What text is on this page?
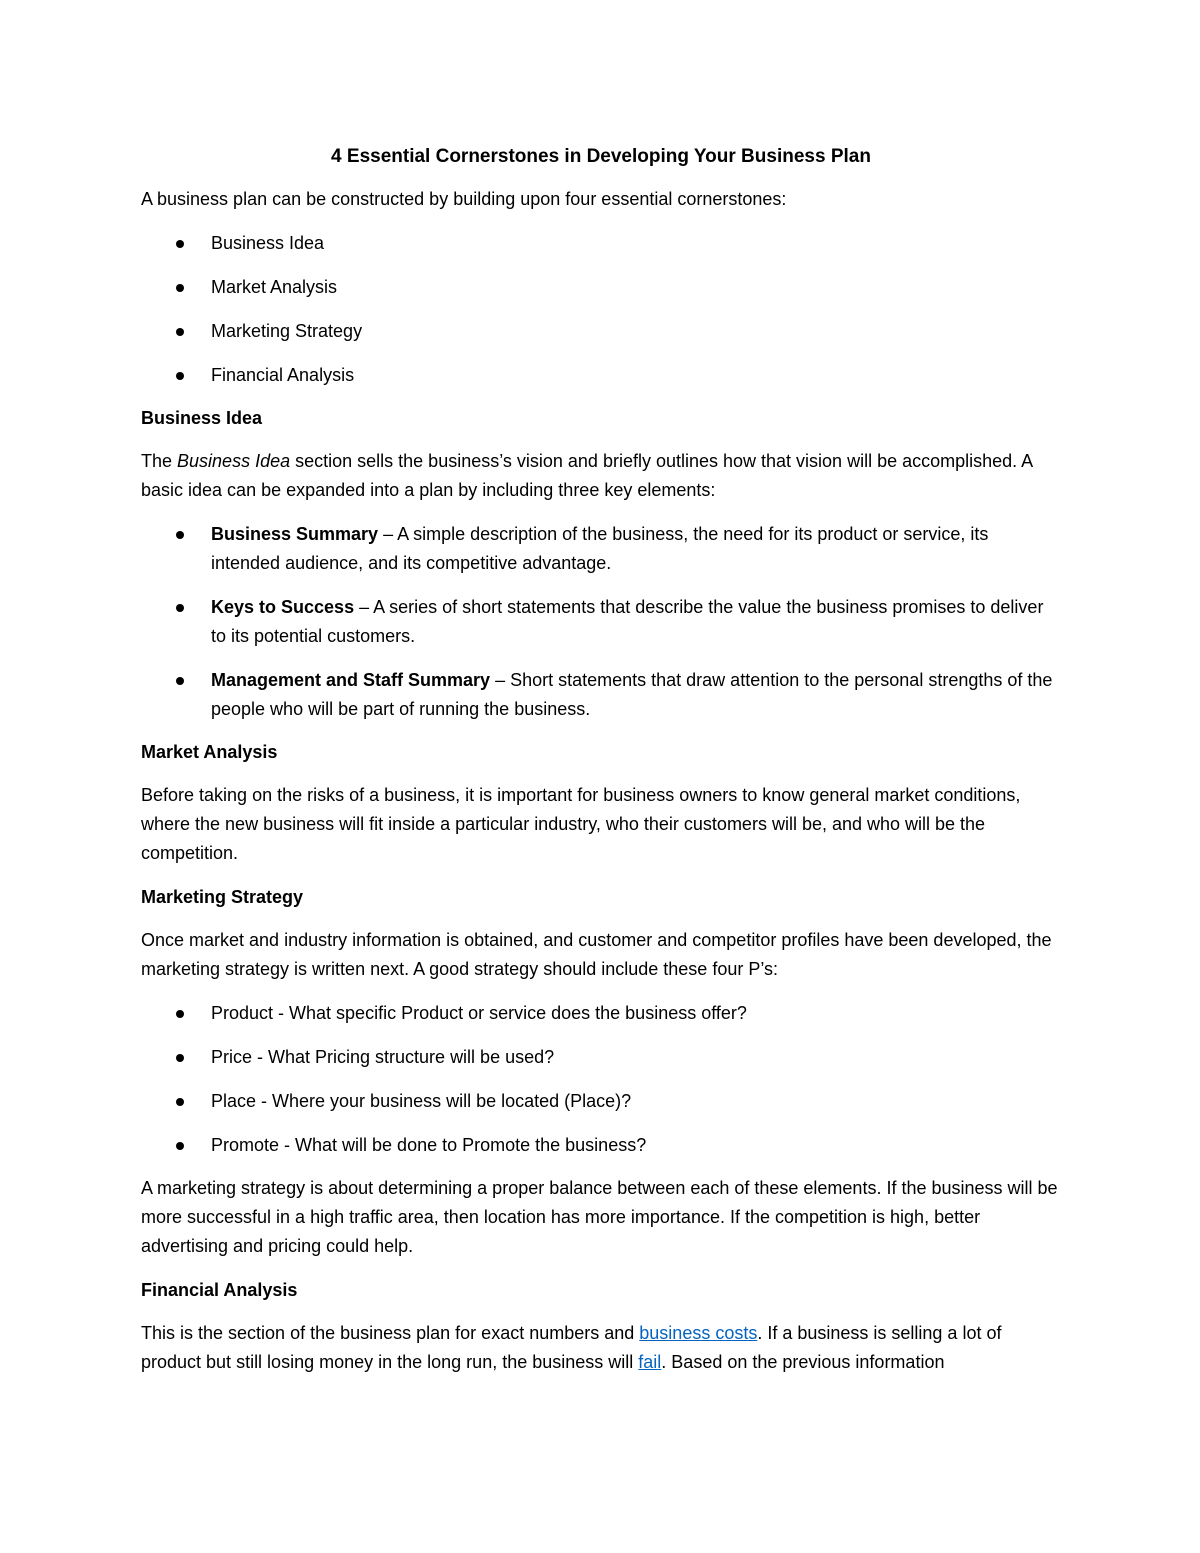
4 Essential Cornerstones in Developing Your Business Plan

A business plan can be constructed by building upon four essential cornerstones:

Business Idea
Market Analysis
Marketing Strategy
Financial Analysis

Business Idea

The Business Idea section sells the business’s vision and briefly outlines how that vision will be accomplished. A basic idea can be expanded into a plan by including three key elements:

Business Summary – A simple description of the business, the need for its product or service, its intended audience, and its competitive advantage.
Keys to Success – A series of short statements that describe the value the business promises to deliver to its potential customers.
Management and Staff Summary – Short statements that draw attention to the personal strengths of the people who will be part of running the business.

Market Analysis

Before taking on the risks of a business, it is important for business owners to know general market conditions, where the new business will fit inside a particular industry, who their customers will be, and who will be the competition.

Marketing Strategy

Once market and industry information is obtained, and customer and competitor profiles have been developed, the marketing strategy is written next. A good strategy should include these four P’s:

Product - What specific Product or service does the business offer?
Price - What Pricing structure will be used?
Place - Where your business will be located (Place)?
Promote - What will be done to Promote the business?

A marketing strategy is about determining a proper balance between each of these elements. If the business will be more successful in a high traffic area, then location has more importance. If the competition is high, better advertising and pricing could help.

Financial Analysis

This is the section of the business plan for exact numbers and business costs. If a business is selling a lot of product but still losing money in the long run, the business will fail. Based on the previous information
